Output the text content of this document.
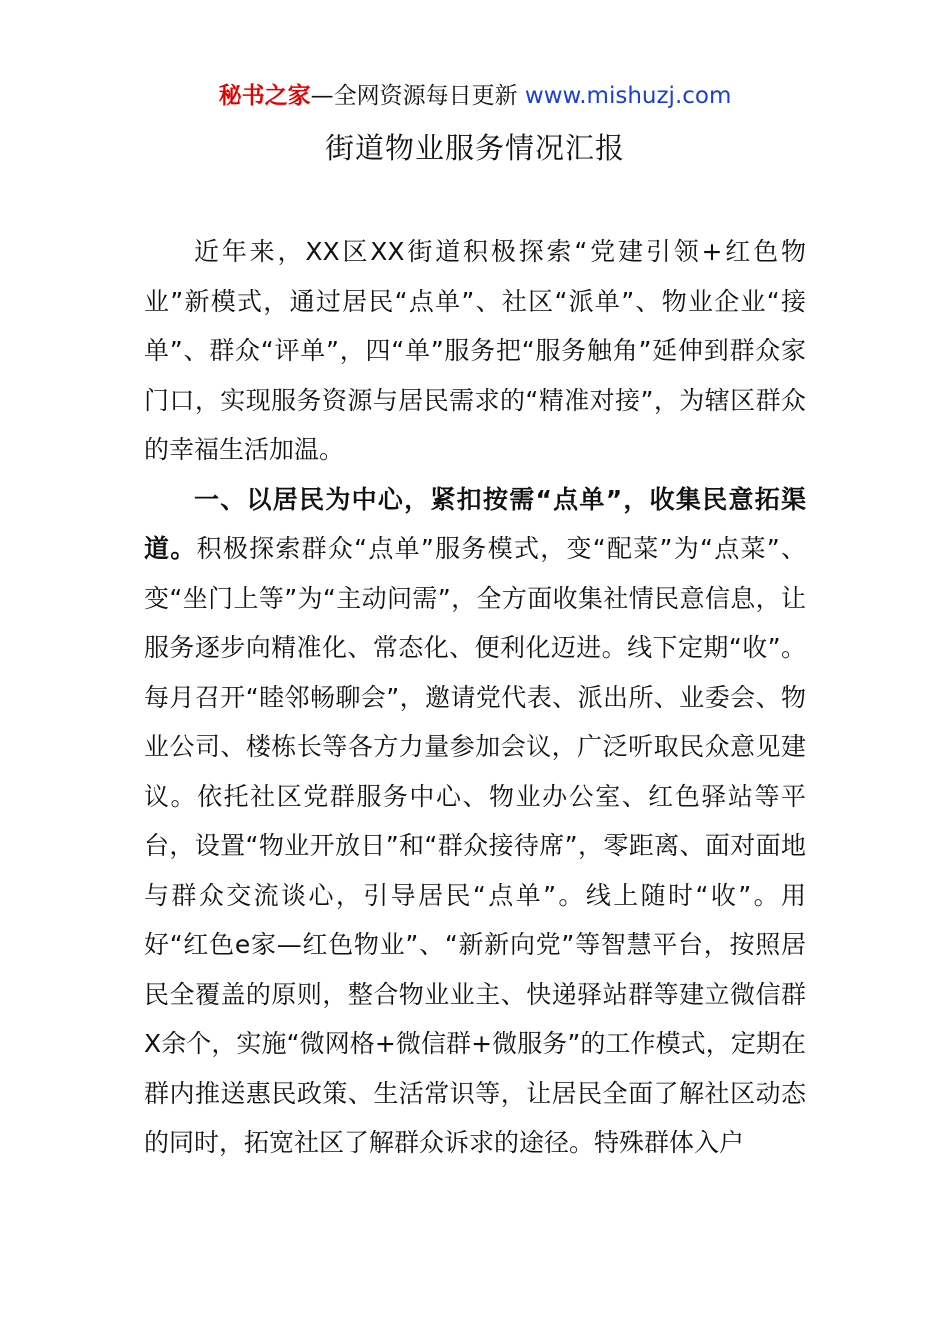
秘书之家—全网资源每日更新 www.mishuzj.com
街道物业服务情况汇报

近年来，XX区XX街道积极探索“党建引领+红色物业”新模式，通过居民“点单”、社区“派单”、物业企业“接单”、群众“评单”，四“单”服务把“服务触角”延伸到群众家门口，实现服务资源与居民需求的“精准对接”，为辖区群众的幸福生活加温。

一、以居民为中心，紧扣按需“点单”，收集民意拓渠道。积极探索群众“点单”服务模式，变“配菜”为“点菜”、变“坐门上等”为“主动问需”，全方面收集社情民意信息，让服务逐步向精准化、常态化、便利化迈进。线下定期“收”。每月召开“睦邻畅聊会”，邀请党代表、派出所、业委会、物业公司、楼栋长等各方力量参加会议，广泛听取民众意见建议。依托社区党群服务中心、物业办公室、红色驿站等平台，设置“物业开放日”和“群众接待席”，零距离、面对面地与群众交流谈心，引导居民“点单”。线上随时“收”。用好“红色e家—红色物业”、“新新向党”等智慧平台，按照居民全覆盖的原则，整合物业业主、快递驿站群等建立微信群X余个，实施“微网格+微信群+微服务”的工作模式，定期在群内推送惠民政策、生活常识等，让居民全面了解社区动态的同时，拓宽社区了解群众诉求的途径。特殊群体入户
